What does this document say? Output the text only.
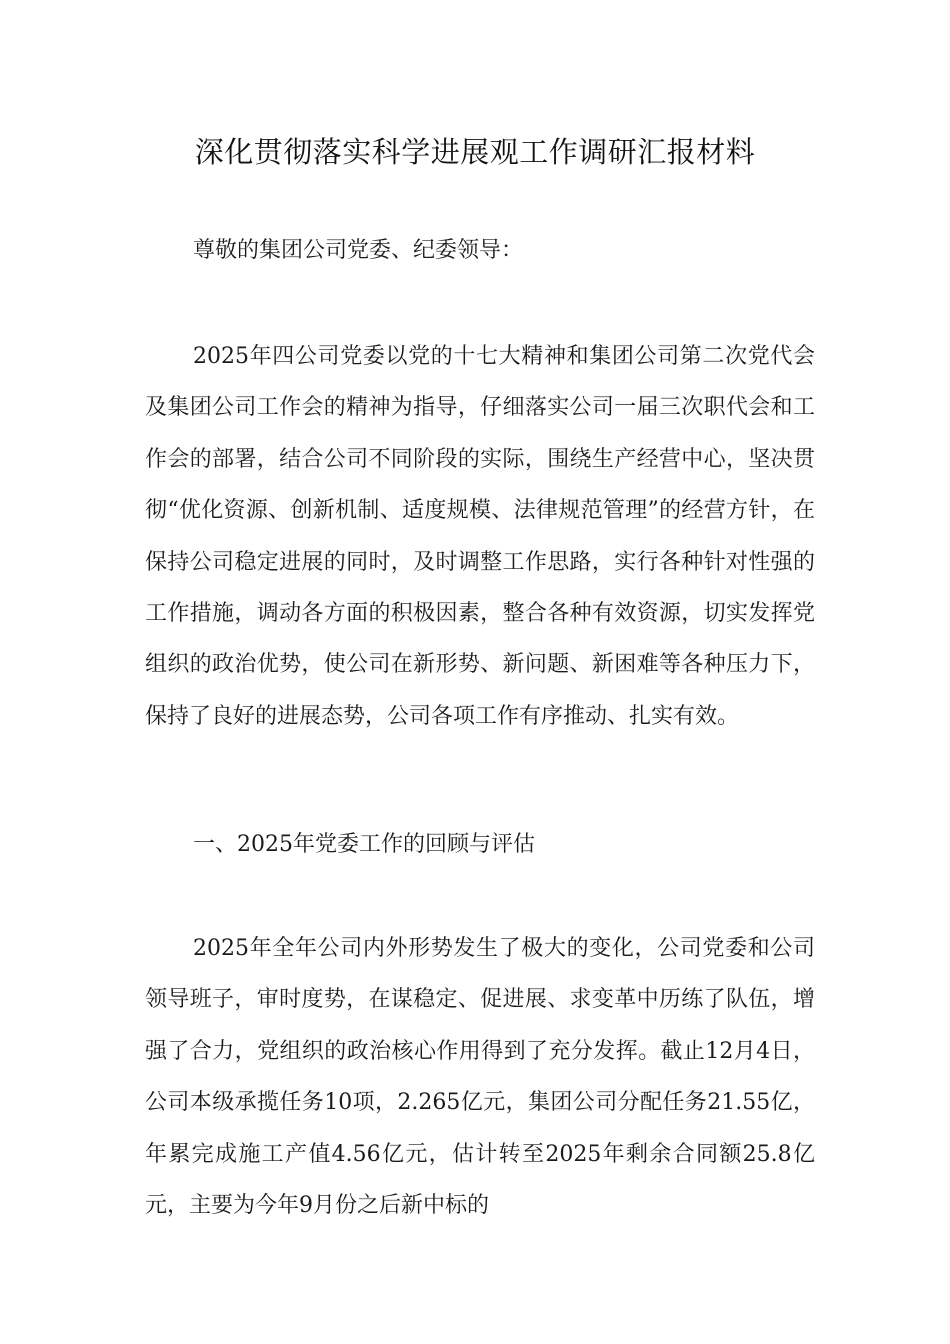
深化贯彻落实科学进展观工作调研汇报材料

尊敬的集团公司党委、纪委领导：

2025年四公司党委以党的十七大精神和集团公司第二次党代会及集团公司工作会的精神为指导，仔细落实公司一届三次职代会和工作会的部署，结合公司不同阶段的实际，围绕生产经营中心，坚决贯彻“优化资源、创新机制、适度规模、法律规范管理”的经营方针，在保持公司稳定进展的同时，及时调整工作思路，实行各种针对性强的工作措施，调动各方面的积极因素，整合各种有效资源，切实发挥党组织的政治优势，使公司在新形势、新问题、新困难等各种压力下，保持了良好的进展态势，公司各项工作有序推动、扎实有效。

一、2025年党委工作的回顾与评估

2025年全年公司内外形势发生了极大的变化，公司党委和公司领导班子，审时度势，在谋稳定、促进展、求变革中历练了队伍，增强了合力，党组织的政治核心作用得到了充分发挥。截止12月4日，公司本级承揽任务10项，2.265亿元，集团公司分配任务21.55亿，年累完成施工产值4.56亿元，估计转至2025年剩余合同额25.8亿元，主要为今年9月份之后新中标的
